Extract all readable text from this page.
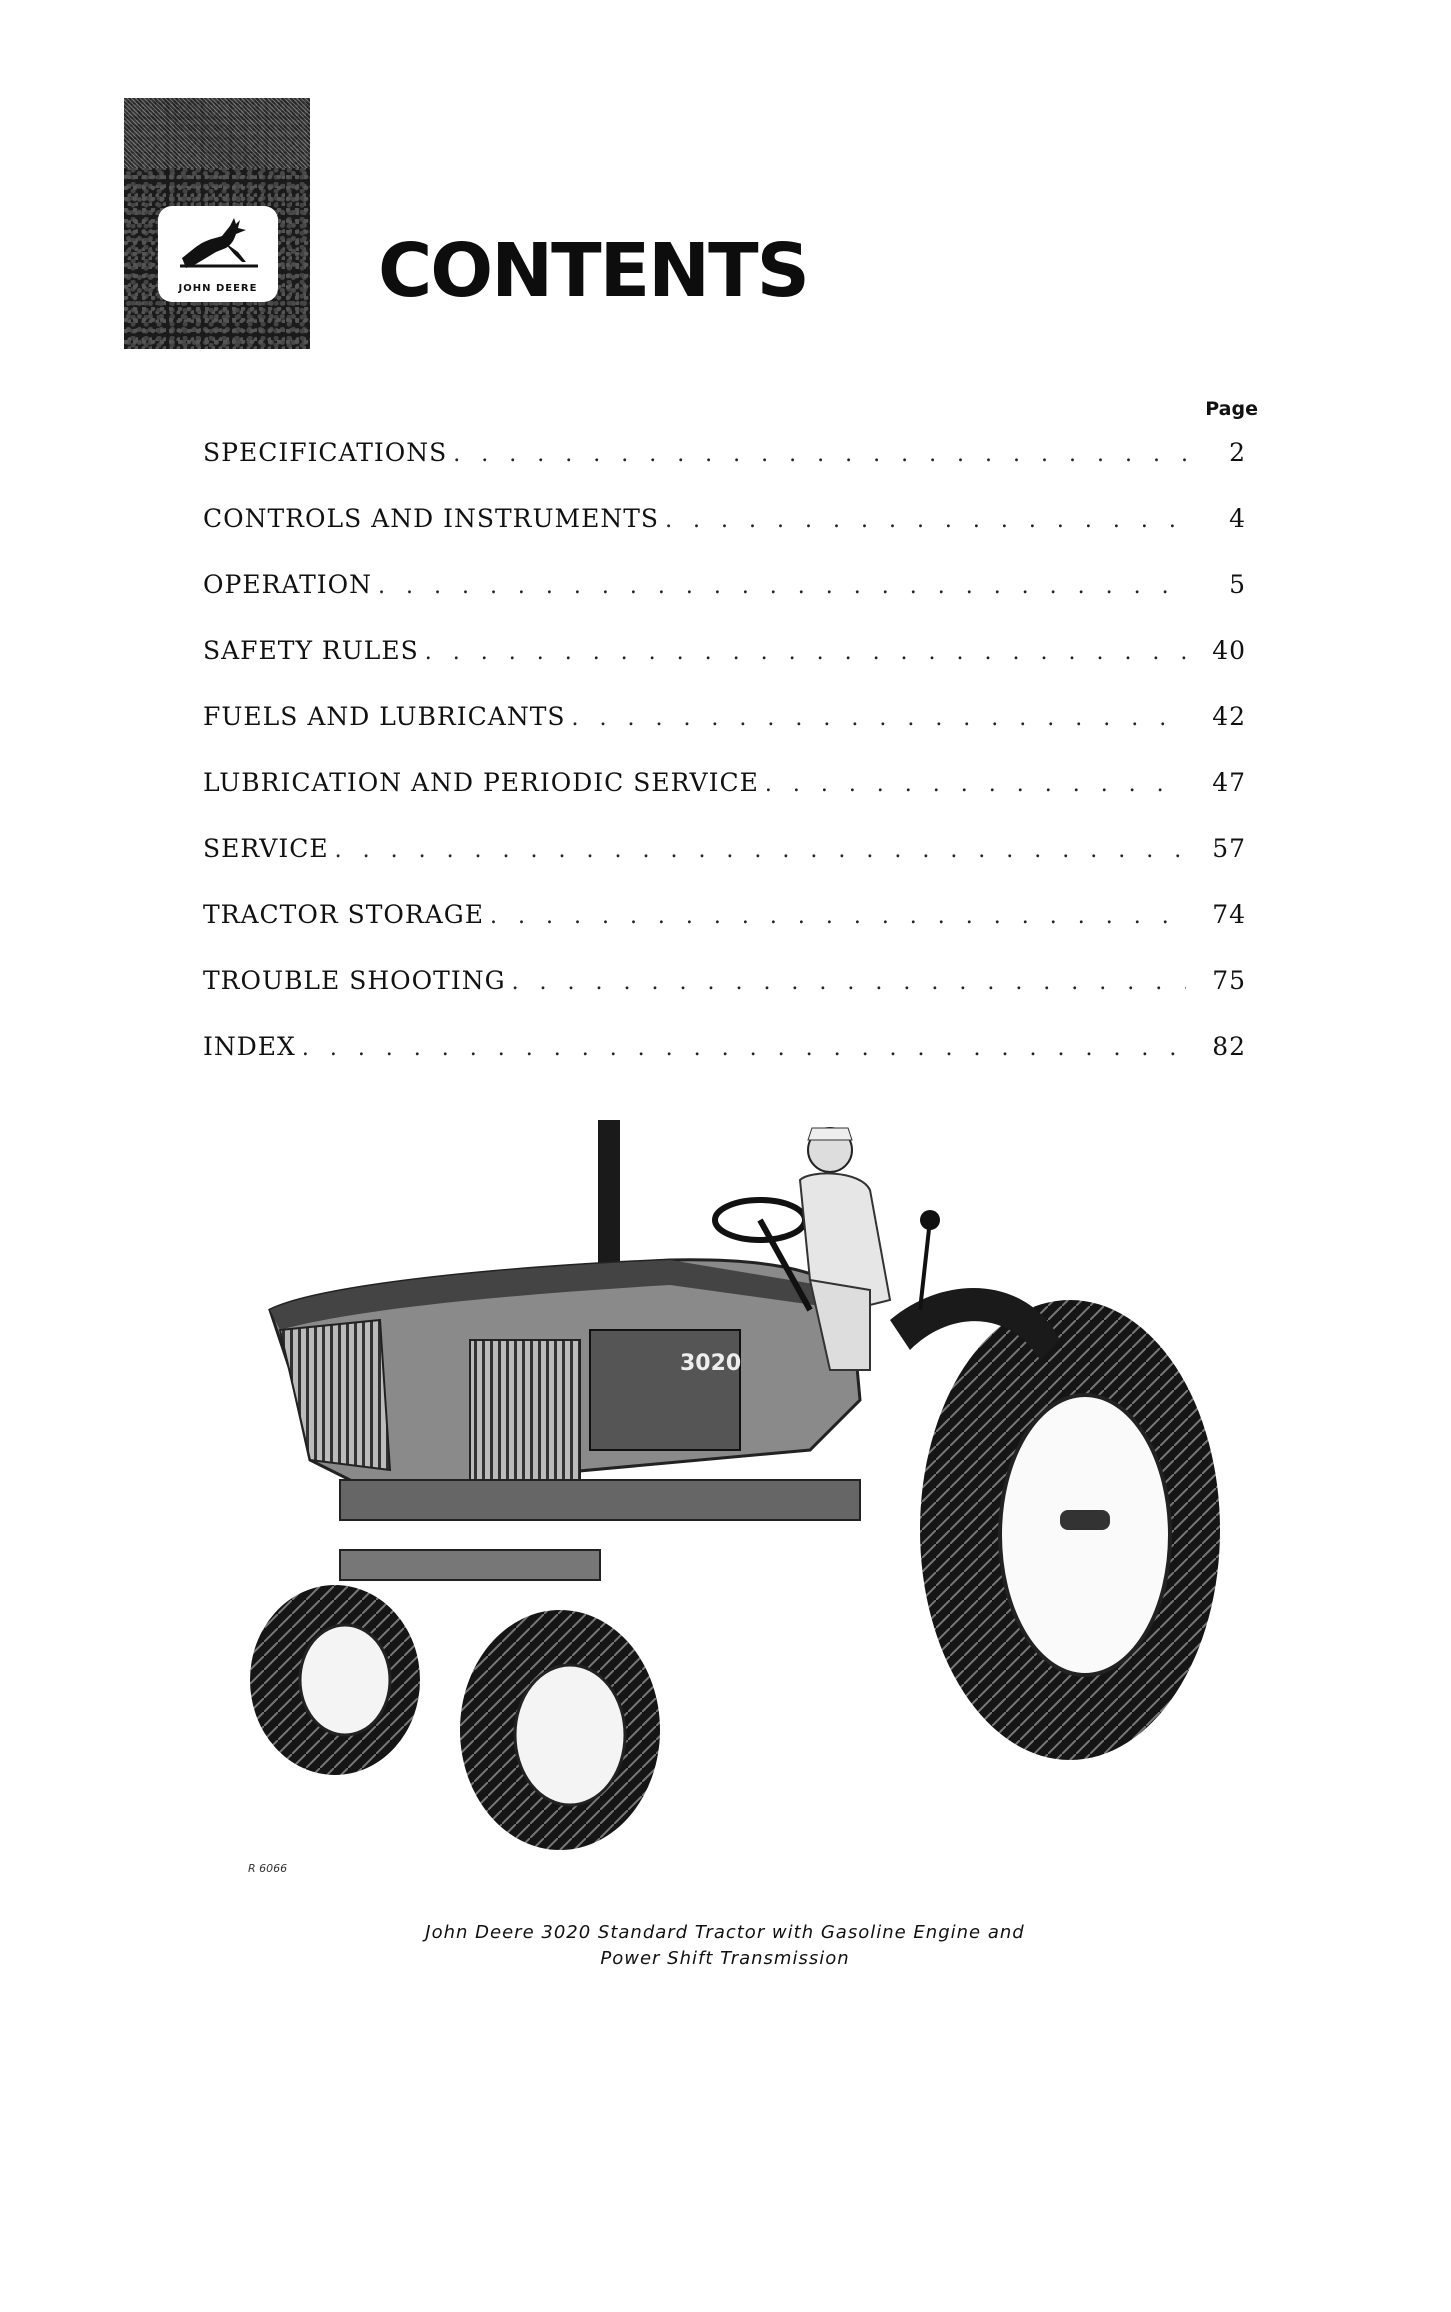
JOHN DEERE CONTENTS
Page
SPECIFICATIONS . . .	2
CONTROLS AND INSTRUMENTS . . .	4
OPERATION . . .	5
SAFETY RULES . . .	40
FUELS AND LUBRICANTS . . .	42
LUBRICATION AND PERIODIC SERVICE . . .	47
SERVICE . . .	57
TRACTOR STORAGE . . .	74
TROUBLE SHOOTING . . .	75
INDEX . . .	82
3020
R 6066
John Deere 3020 Standard Tractor with Gasoline Engine and
Power Shift Transmission
